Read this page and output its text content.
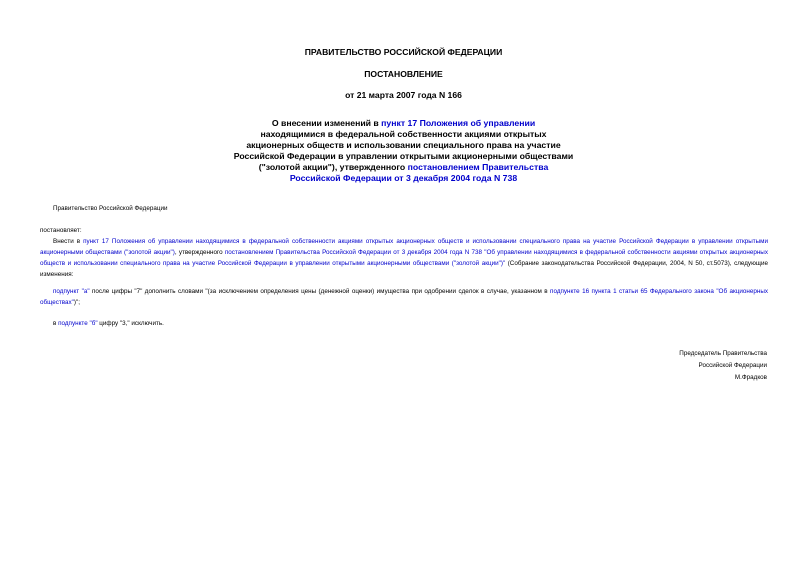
ПРАВИТЕЛЬСТВО РОССИЙСКОЙ ФЕДЕРАЦИИ
ПОСТАНОВЛЕНИЕ
от 21 марта 2007 года N 166
О внесении изменений в пункт 17 Положения об управлении
находящимися в федеральной собственности акциями открытых
акционерных обществ и использовании специального права на участие
Российской Федерации в управлении открытыми акционерными обществами
("золотой акции"), утвержденного постановлением Правительства
Российской Федерации от 3 декабря 2004 года N 738
Правительство Российской Федерации
постановляет:
Внести в пункт 17 Положения об управлении находящимися в федеральной собственности акциями открытых акционерных обществ и использовании специального права на участие Российской Федерации в управлении открытыми акционерными обществами ("золотой акции"), утвержденного постановлением Правительства Российской Федерации от 3 декабря 2004 года N 738 "Об управлении находящимися в федеральной собственности акциями открытых акционерных обществ и использовании специального права на участие Российской Федерации в управлении открытыми акционерными обществами ("золотой акции")" (Собрание законодательства Российской Федерации, 2004, N 50, ст.5073), следующие изменения:
подпункт "а" после цифры "7" дополнить словами "(за исключением определения цены (денежной оценки) имущества при одобрении сделок в случае, указанном в подпункте 16 пункта 1 статьи 65 Федерального закона "Об акционерных обществах")";
в подпункте "б" цифру "3," исключить.
Председатель Правительства
Российской Федерации
М.Фрадков
